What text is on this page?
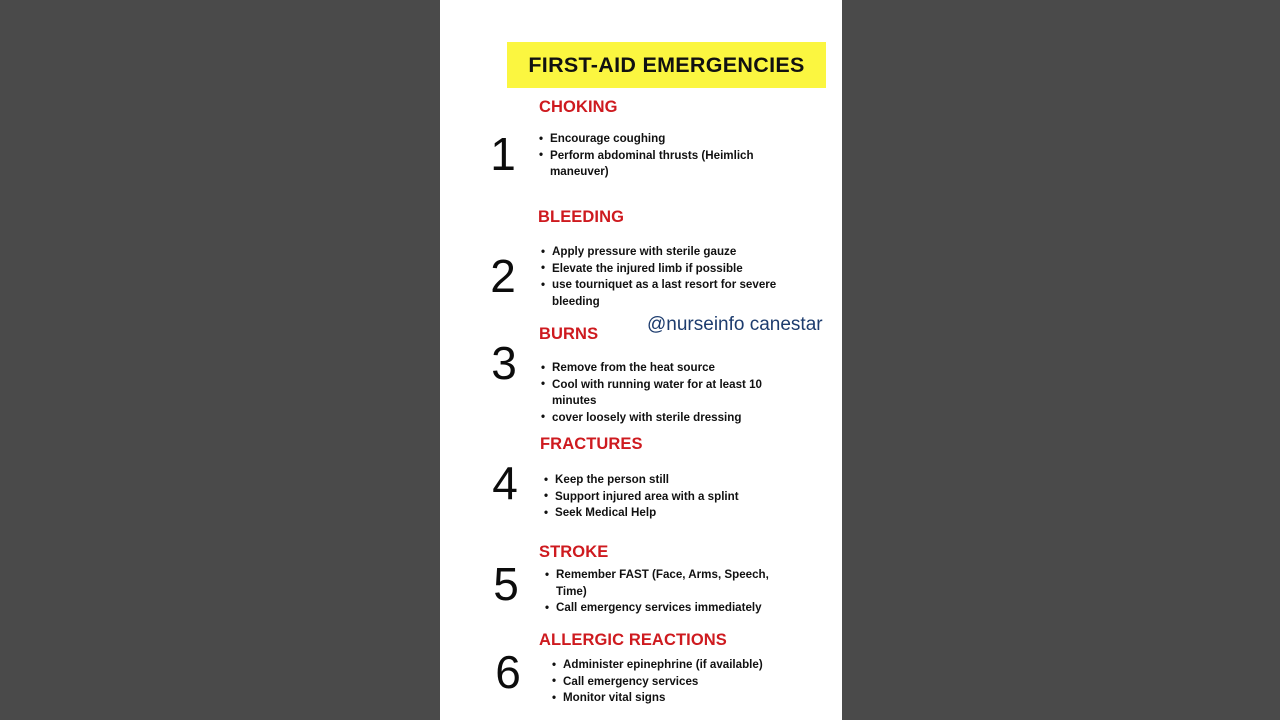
FIRST-AID EMERGENCIES
1
CHOKING
• Encourage coughing
• Perform abdominal thrusts (Heimlich maneuver)
2
BLEEDING
• Apply pressure with sterile gauze
• Elevate the injured limb if possible
• use tourniquet as a last resort for severe bleeding
3
BURNS
• Remove from the heat source
• Cool with running water for at least 10 minutes
• cover loosely with sterile dressing
4
FRACTURES
• Keep the person still
• Support injured area with a splint
• Seek Medical Help
5
STROKE
• Remember FAST (Face, Arms, Speech, Time)
• Call emergency services immediately
6
ALLERGIC REACTIONS
• Administer epinephrine (if available)
• Call emergency services
• Monitor vital signs
@nurseinfo canestar
